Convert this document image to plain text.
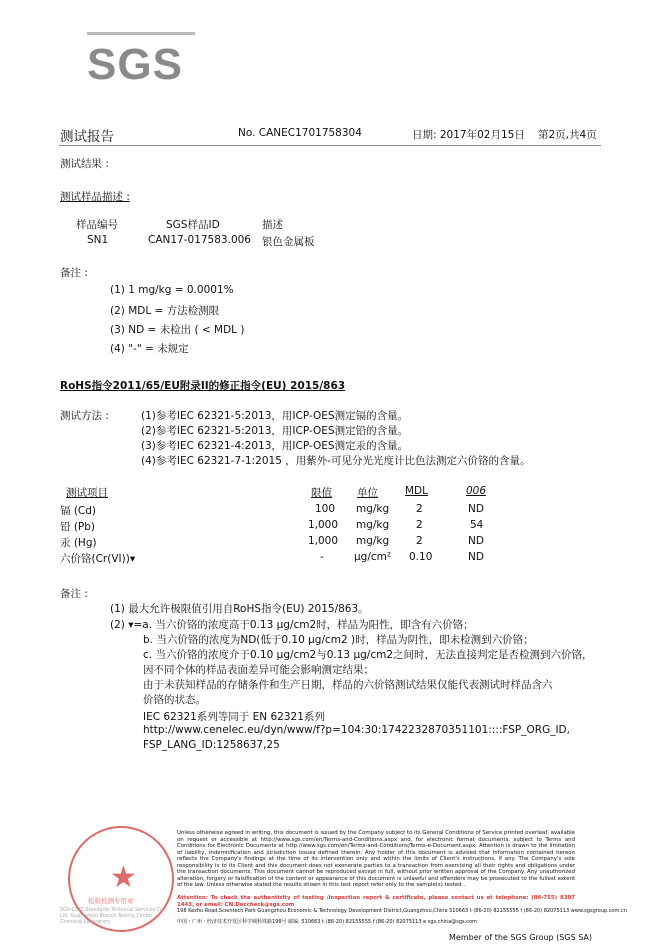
SGS
测试报告	No. CANEC1701758304	日期: 2017年02月15日 第2页,共4页
测试结果 :
测试样品描述 :
样品编号	SGS样品ID	描述
SN1	CAN17-017583.006 银色金属板
备注 :
(1) 1 mg/kg = 0.0001%
(2) MDL = 方法检测限
(3) ND = 未检出 ( < MDL )
(4) "-" = 未规定
RoHS指令2011/65/EU附录II的修正指令(EU) 2015/863
测试方法 :	(1)参考IEC 62321-5:2013，用ICP-OES测定镉的含量。
(2)参考IEC 62321-5:2013，用ICP-OES测定铅的含量。
(3)参考IEC 62321-4:2013，用ICP-OES测定汞的含量。
(4)参考IEC 62321-7-1:2015 ，用紫外-可见分光光度计比色法测定六价铬的含量。
测试项目	限值 单位	MDL	006
镉 (Cd)	100 mg/kg	2	ND
铅 (Pb)	1,000 mg/kg	2	54
汞 (Hg)	1,000 mg/kg	2	ND
六价铬(Cr(VI))▾	-	μg/cm² 0.10	ND
备注 :
(1) 最大允许极限值引用自RoHS指令(EU) 2015/863。
(2) ▾=a. 当六价铬的浓度高于0.13 μg/cm2时，样品为阳性，即含有六价铬；
b. 当六价铬的浓度为ND(低于0.10 μg/cm2 )时，样品为阴性，即未检测到六价铬；
c. 当六价铬的浓度介于0.10 μg/cm2与0.13 μg/cm2之间时，无法直接判定是否检测到六价铬，
因不同个体的样品表面差异可能会影响测定结果；
由于未获知样品的存储条件和生产日期，样品的六价铬测试结果仅能代表测试时样品含六
价铬的状态。
IEC 62321系列等同于 EN 62321系列
http://www.cenelec.eu/dyn/www/f?p=104:30:1742232870351101::::FSP_ORG_ID,
FSP_LANG_ID:1258637,25
★
检验检测专用章
SGS-CSTC Standards Technical Services Co., Ltd. Guangzhou Branch Testing Center Chemical Laboratory
Unless otherwise agreed in writing, this document is issued by the Company subject to its General Conditions of Service printed overleaf, available on request or accessible at http://www.sgs.com/en/Terms-and-Conditions.aspx and, for electronic format documents, subject to Terms and Conditions for Electronic Documents at http://www.sgs.com/en/Terms-and-Conditions/Terms-e-Document.aspx. Attention is drawn to the limitation of liability, indemnification and jurisdiction issues defined therein. Any holder of this document is advised that information contained hereon reflects the Company's findings at the time of its intervention only and within the limits of Client's instructions, if any. The Company's sole responsibility is to its Client and this document does not exonerate parties to a transaction from exercising all their rights and obligations under the transaction documents. This document cannot be reproduced except in full, without prior written approval of the Company. Any unauthorized alteration, forgery or falsification of the content or appearance of this document is unlawful and offenders may be prosecuted to the fullest extent of the law. Unless otherwise stated the results shown in this test report refer only to the sample(s) tested .
Attention: To check the authenticity of testing /inspection report & certificate, please contact us at telephone: (86-755) 8307 1443, or email: CN.Doccheck@sgs.com
198 Kezhu Road,Scientech Park Guangzhou Economic & Technology Development District,Guangzhou,China 510663 t (86-20) 82155555 f (86-20) 82075113 www.sgsgroup.com.cn
中国・广州・经济技术开发区科学城科珠路198号 邮编: 510663 t (86-20) 82155555 f (86-20) 82075113 e sgs.china@sgs.com
Member of the SGS Group (SGS SA)
